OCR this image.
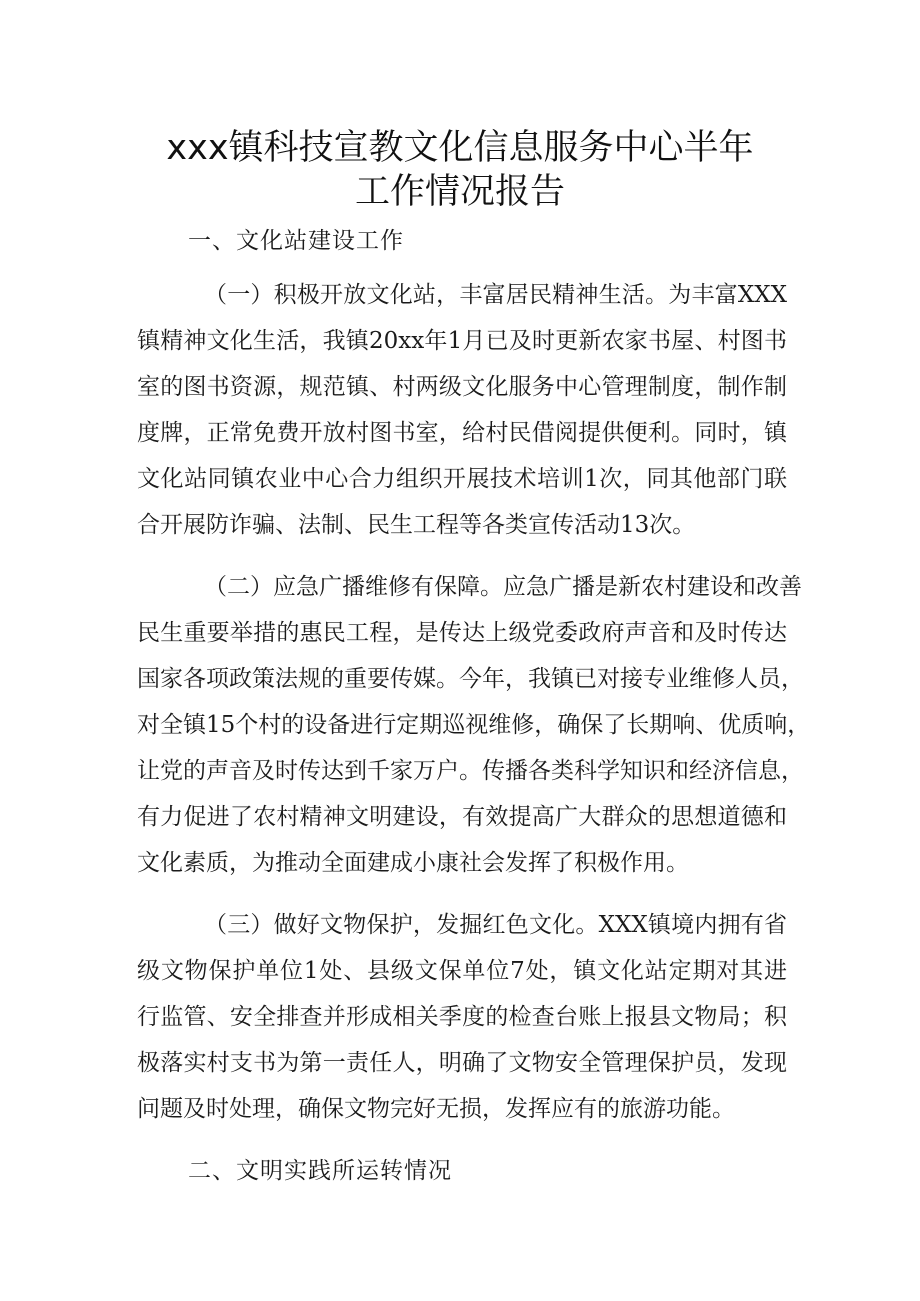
xxx镇科技宣教文化信息服务中心半年
工作情况报告
一、文化站建设工作
（一）积极开放文化站，丰富居民精神生活。为丰富XXX
镇精神文化生活，我镇20xx年1月已及时更新农家书屋、村图书
室的图书资源，规范镇、村两级文化服务中心管理制度，制作制
度牌，正常免费开放村图书室，给村民借阅提供便利。同时，镇
文化站同镇农业中心合力组织开展技术培训1次，同其他部门联
合开展防诈骗、法制、民生工程等各类宣传活动13次。
（二）应急广播维修有保障。应急广播是新农村建设和改善
民生重要举措的惠民工程，是传达上级党委政府声音和及时传达
国家各项政策法规的重要传媒。今年，我镇已对接专业维修人员，
对全镇15个村的设备进行定期巡视维修，确保了长期响、优质响，
让党的声音及时传达到千家万户。传播各类科学知识和经济信息，
有力促进了农村精神文明建设，有效提高广大群众的思想道德和
文化素质，为推动全面建成小康社会发挥了积极作用。
（三）做好文物保护，发掘红色文化。XXX镇境内拥有省
级文物保护单位1处、县级文保单位7处，镇文化站定期对其进
行监管、安全排查并形成相关季度的检查台账上报县文物局；积
极落实村支书为第一责任人，明确了文物安全管理保护员，发现
问题及时处理，确保文物完好无损，发挥应有的旅游功能。
二、文明实践所运转情况
